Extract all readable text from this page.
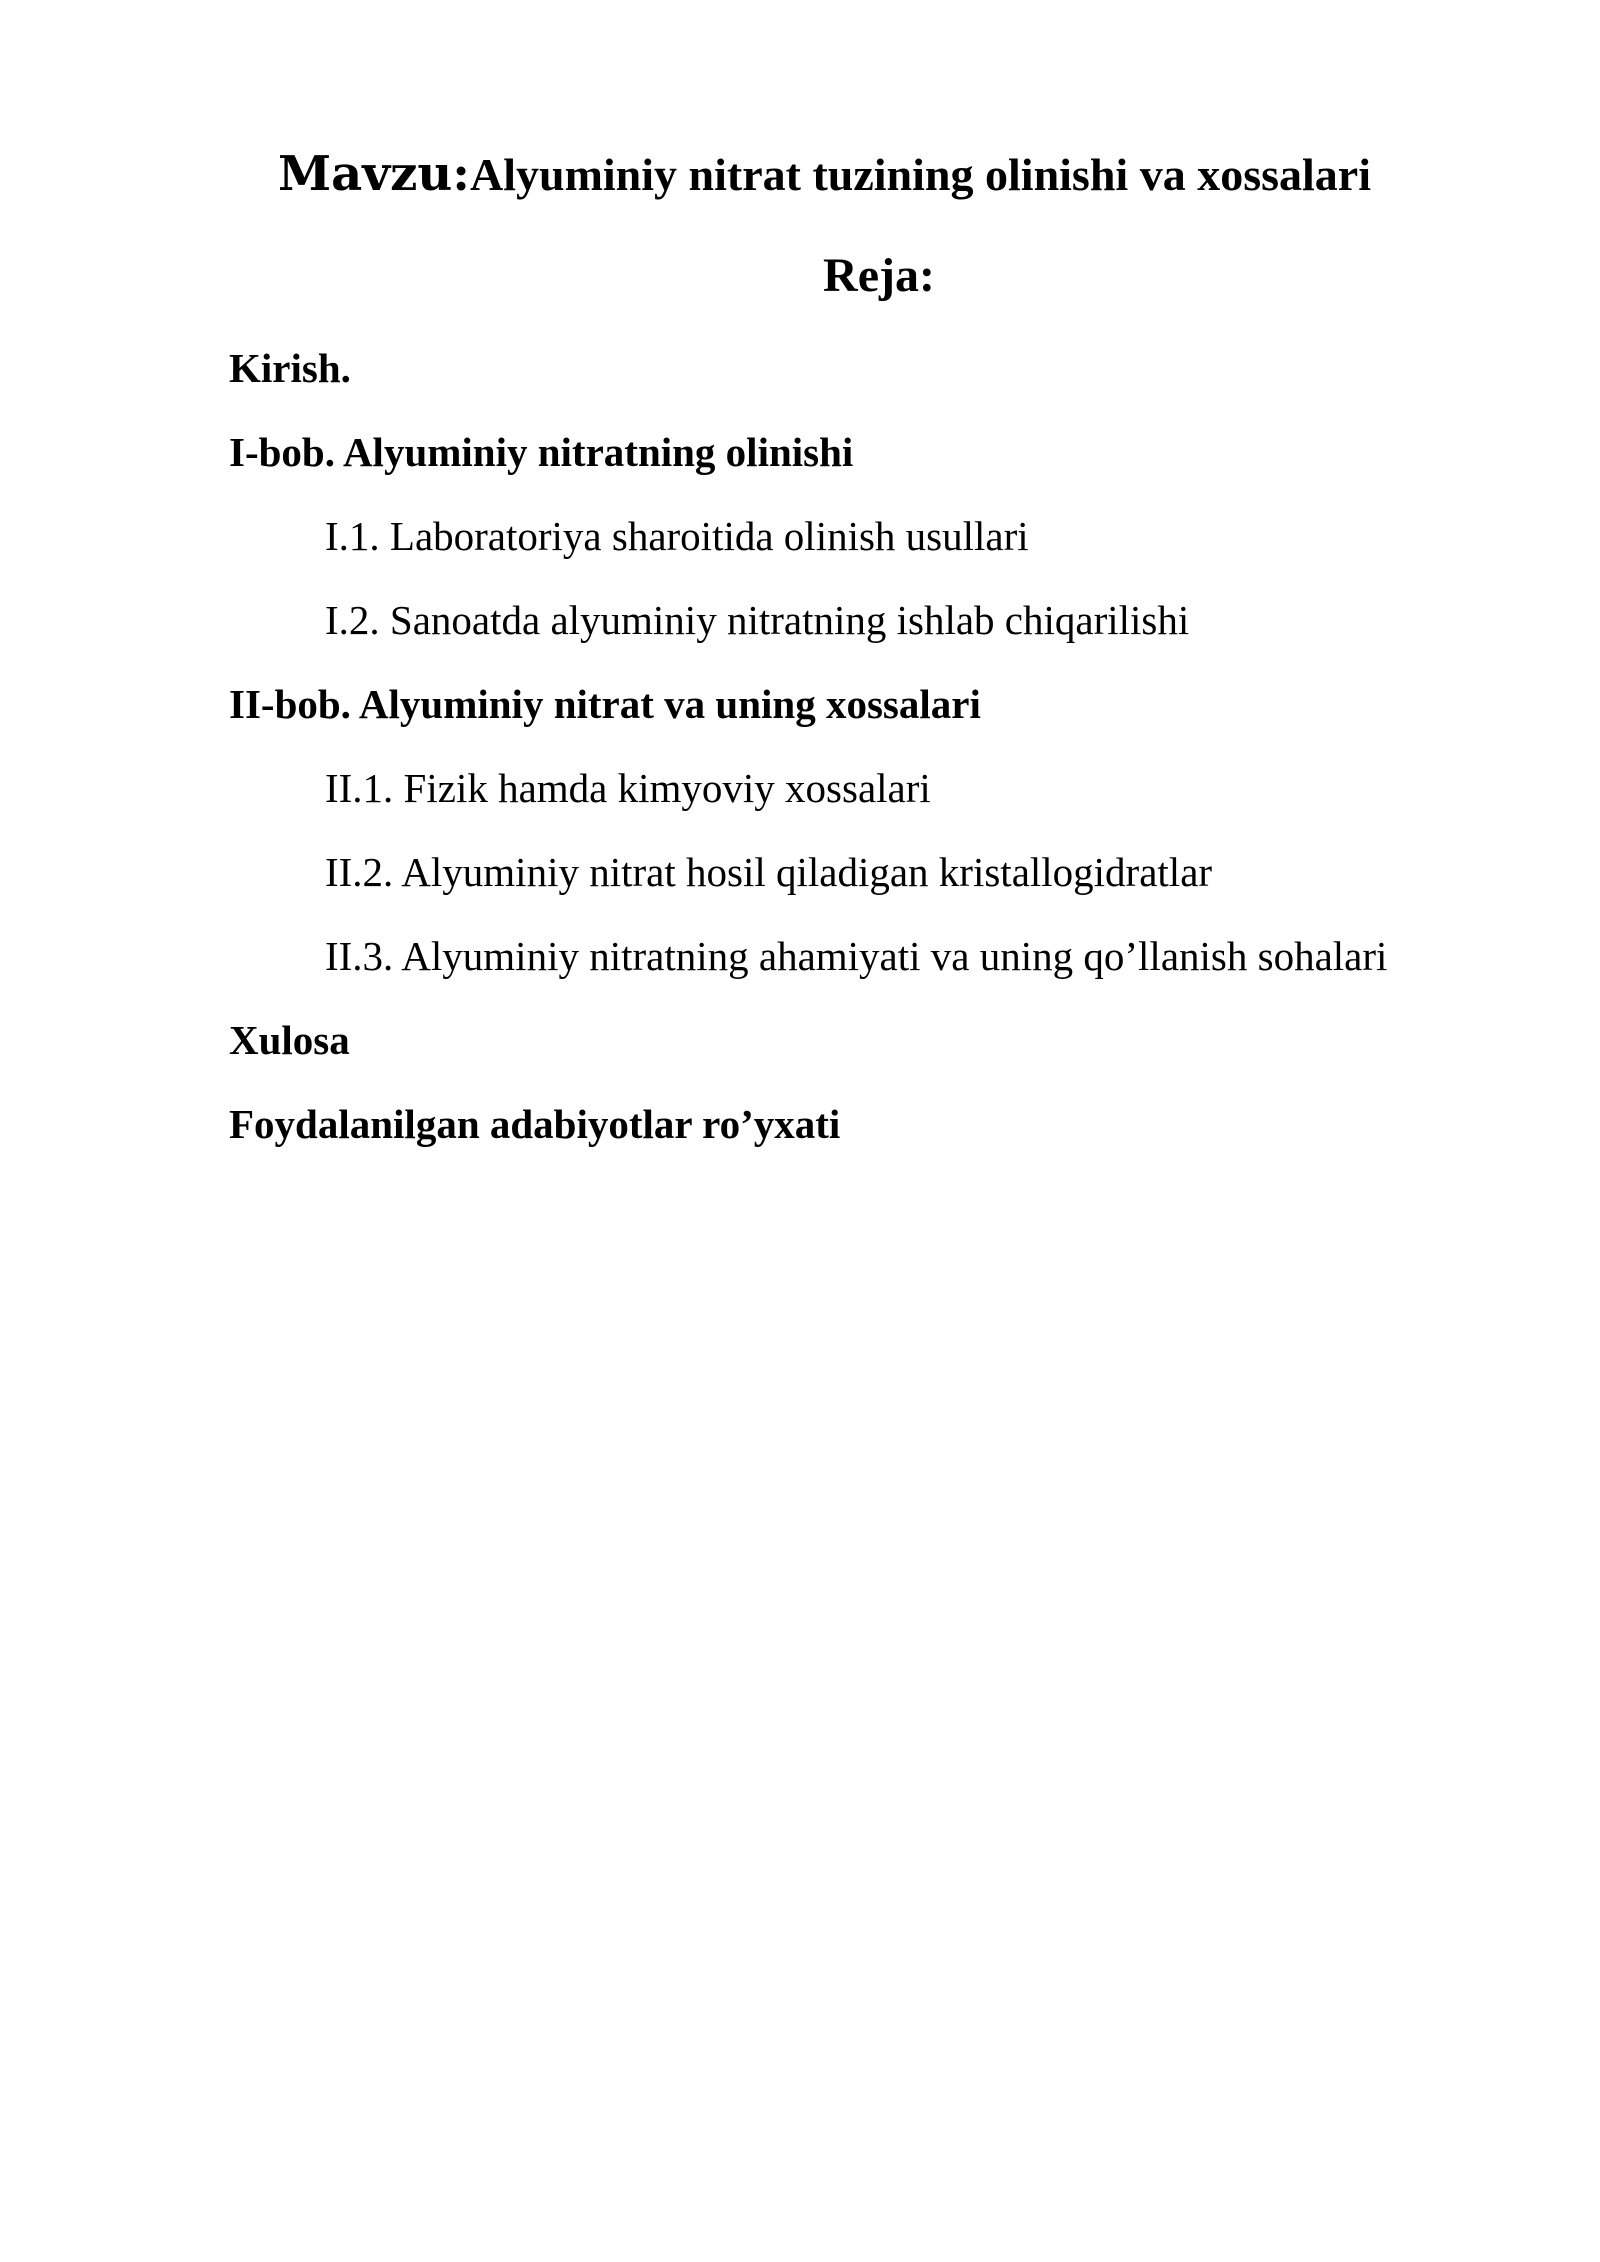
Mavzu:Alyuminiy nitrat tuzining olinishi va xossalari
Reja:
Kirish.
I-bob. Alyuminiy nitratning olinishi
I.1. Laboratoriya sharoitida olinish usullari
I.2. Sanoatda alyuminiy nitratning ishlab chiqarilishi
II-bob. Alyuminiy nitrat va uning xossalari
II.1. Fizik hamda kimyoviy xossalari
II.2. Alyuminiy nitrat hosil qiladigan kristallogidratlar
II.3. Alyuminiy nitratning ahamiyati va uning qo’llanish sohalari
Xulosa
Foydalanilgan adabiyotlar ro’yxati
